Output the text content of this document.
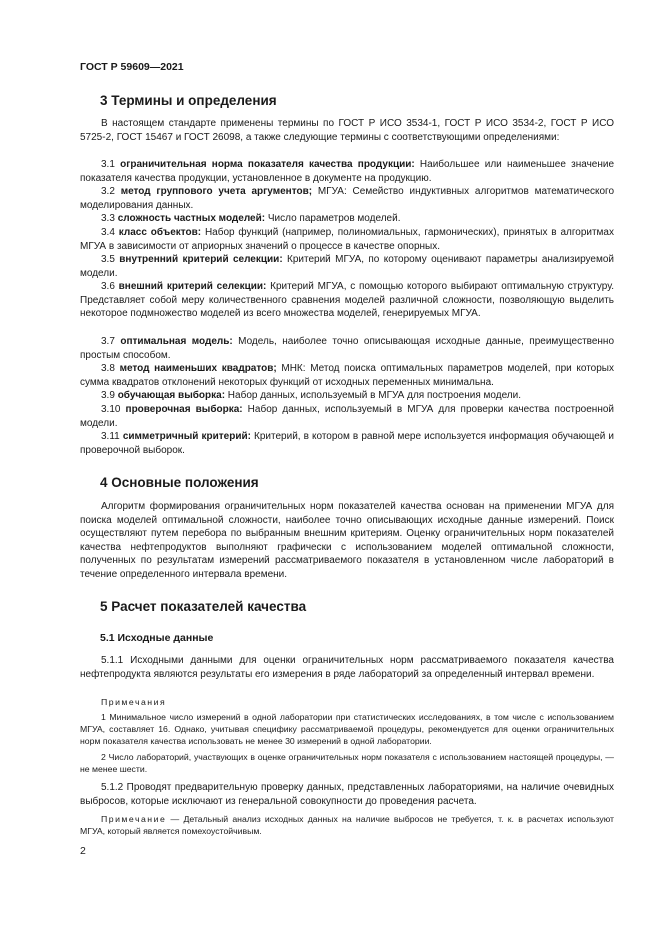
ГОСТ Р 59609—2021
3 Термины и определения

В настоящем стандарте применены термины по ГОСТ Р ИСО 3534-1, ГОСТ Р ИСО 3534-2, ГОСТ Р ИСО 5725-2, ГОСТ 15467 и ГОСТ 26098, а также следующие термины с соответствующими определениями:

3.1 ограничительная норма показателя качества продукции: Наибольшее или наименьшее значение показателя качества продукции, установленное в документе на продукцию.

3.2 метод группового учета аргументов; МГУА: Семейство индуктивных алгоритмов математического моделирования данных.

3.3 сложность частных моделей: Число параметров моделей.

3.4 класс объектов: Набор функций (например, полиномиальных, гармонических), принятых в алгоритмах МГУА в зависимости от априорных значений о процессе в качестве опорных.

3.5 внутренний критерий селекции: Критерий МГУА, по которому оценивают параметры анализируемой модели.

3.6 внешний критерий селекции: Критерий МГУА, с помощью которого выбирают оптимальную структуру. Представляет собой меру количественного сравнения моделей различной сложности, позволяющую выделить некоторое подмножество моделей из всего множества моделей, генерируемых МГУА.

3.7 оптимальная модель: Модель, наиболее точно описывающая исходные данные, преимущественно простым способом.

3.8 метод наименьших квадратов; МНК: Метод поиска оптимальных параметров моделей, при которых сумма квадратов отклонений некоторых функций от исходных переменных минимальна.

3.9 обучающая выборка: Набор данных, используемый в МГУА для построения модели.

3.10 проверочная выборка: Набор данных, используемый в МГУА для проверки качества построенной модели.

3.11 симметричный критерий: Критерий, в котором в равной мере используется информация обучающей и проверочной выборок.

4 Основные положения

Алгоритм формирования ограничительных норм показателей качества основан на применении МГУА для поиска моделей оптимальной сложности, наиболее точно описывающих исходные данные измерений. Поиск осуществляют путем перебора по выбранным внешним критериям. Оценку ограничительных норм показателей качества нефтепродуктов выполняют графически с использованием моделей оптимальной сложности, полученных по результатам измерений рассматриваемого показателя в установленном числе лабораторий в течение определенного интервала времени.

5 Расчет показателей качества
5.1 Исходные данные

5.1.1 Исходными данными для оценки ограничительных норм рассматриваемого показателя качества нефтепродукта являются результаты его измерения в ряде лабораторий за определенный интервал времени.

Примечания

1 Минимальное число измерений в одной лаборатории при статистических исследованиях, в том числе с использованием МГУА, составляет 16. Однако, учитывая специфику рассматриваемой процедуры, рекомендуется для оценки ограничительных норм показателя качества использовать не менее 30 измерений в одной лаборатории.

2 Число лабораторий, участвующих в оценке ограничительных норм показателя с использованием настоящей процедуры, — не менее шести.

5.1.2 Проводят предварительную проверку данных, представленных лабораториями, на наличие очевидных выбросов, которые исключают из генеральной совокупности до проведения расчета.

Примечание — Детальный анализ исходных данных на наличие выбросов не требуется, т. к. в расчетах используют МГУА, который является помехоустойчивым.

2
